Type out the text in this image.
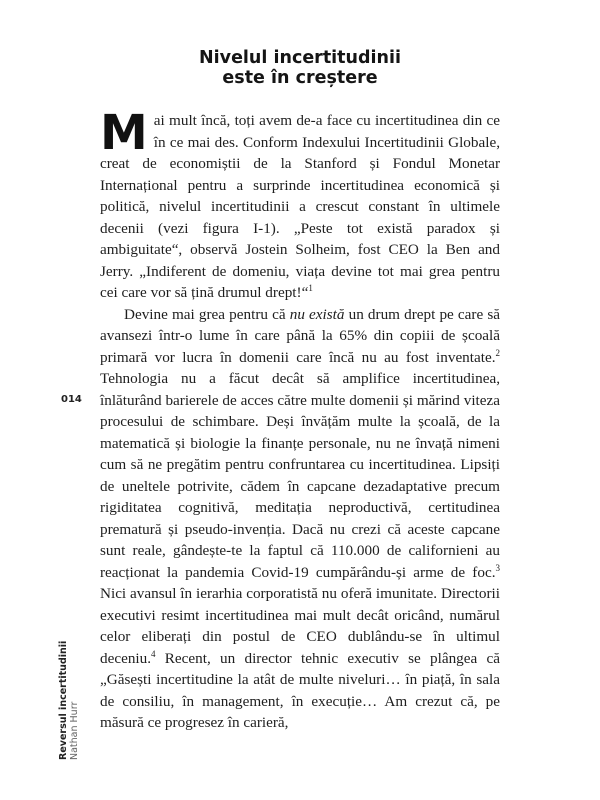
Nivelul incertitudinii
este în creștere

Mai mult încă, toți avem de-a face cu incertitudinea din ce în ce mai des. Conform Indexului Incertitudinii Globale, creat de economiștii de la Stanford și Fondul Monetar Internațional pentru a surprinde incertitudinea economică și politică, nivelul incertitudinii a crescut constant în ultimele decenii (vezi figura I-1). „Peste tot există paradox și ambiguitate“, observă Jostein Solheim, fost CEO la Ben and Jerry. „Indiferent de domeniu, viața devine tot mai grea pentru cei care vor să țină drumul drept!“$^1$

Devine mai grea pentru că nu există un drum drept pe care să avansezi într-o lume în care până la 65% din copiii de școală primară vor lucra în domenii care încă nu au fost inventate.$^2$ Tehnologia nu a făcut decât să amplifice incertitudinea, înlăturând barierele de acces către multe domenii și mărind viteza procesului de schimbare. Deși învățăm multe la școală, de la matematică și biologie la finanțe personale, nu ne învață nimeni cum să ne pregătim pentru confruntarea cu incertitudinea. Lipsiți de uneltele potrivite, cădem în capcane dezadaptative precum rigiditatea cognitivă, meditația neproductivă, certitudinea prematură și pseudo-invenția. Dacă nu crezi că aceste capcane sunt reale, gândește-te la faptul că 110.000 de californieni au reacționat la pandemia Covid-19 cumpărându-și arme de foc.$^3$ Nici avansul în ierarhia corporatistă nu oferă imunitate. Directorii executivi resimt incertitudinea mai mult decât oricând, numărul celor eliberați din postul de CEO dublându-se în ultimul deceniu.$^4$ Recent, un director tehnic executiv se plângea că „Găsești incertitudine la atât de multe niveluri… în piață, în sala de consiliu, în management, în execuție… Am crezut că, pe măsură ce progresez în carieră,

014
Reversul incertitudinii Nathan Hurr
